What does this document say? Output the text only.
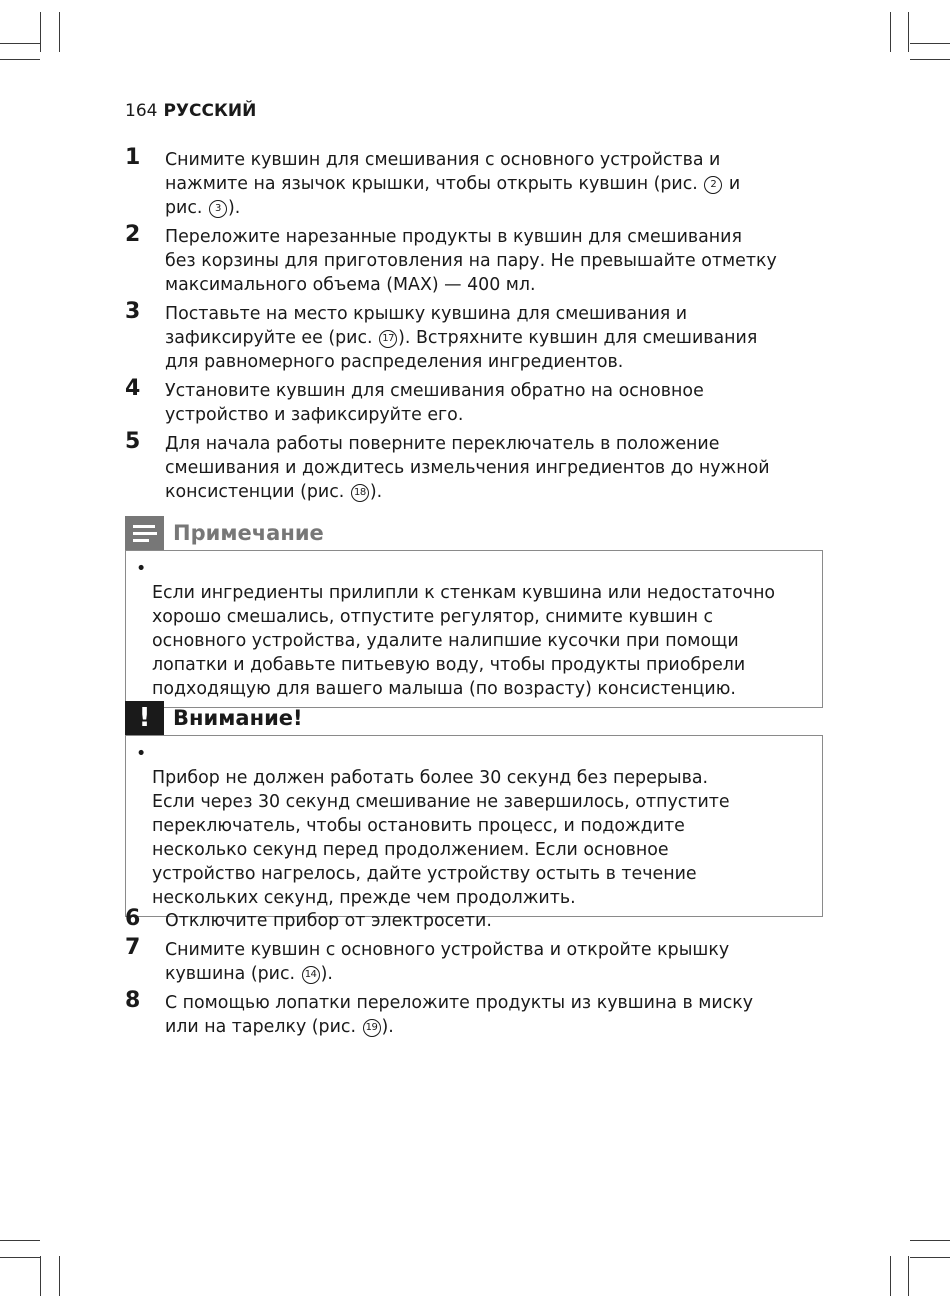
164 РУССКИЙ
1 Снимите кувшин для смешивания с основного устройства и
нажмите на язычок крышки, чтобы открыть кувшин (рис. 2 и
рис. 3 ).
2 Переложите нарезанные продукты в кувшин для смешивания
без корзины для приготовления на пару. Не превышайте отметку
максимального объема (MAX) — 400 мл.
3 Поставьте на место крышку кувшина для смешивания и
зафиксируйте ее (рис. 17 ). Встряхните кувшин для смешивания
для равномерного распределения ингредиентов.
4 Установите кувшин для смешивания обратно на основное
устройство и зафиксируйте его.
5 Для начала работы поверните переключатель в положение
смешивания и дождитесь измельчения ингредиентов до нужной
консистенции (рис. 18 ).
Примечание

•
Если ингредиенты прилипли к стенкам кувшина или недостаточно
хорошо смешались, отпустите регулятор, снимите кувшин с
основного устройства, удалите налипшие кусочки при помощи
лопатки и добавьте питьевую воду, чтобы продукты приобрели
подходящую для вашего малыша (по возрасту) консистенцию.

! Внимание!

•
Прибор не должен работать более 30 секунд без перерыва.
Если через 30 секунд смешивание не завершилось, отпустите
переключатель, чтобы остановить процесс, и подождите
несколько секунд перед продолжением. Если основное
устройство нагрелось, дайте устройству остыть в течение
нескольких секунд, прежде чем продолжить.

6 Отключите прибор от электросети.
7 Снимите кувшин с основного устройства и откройте крышку
кувшина (рис. 14 ).
8 С помощью лопатки переложите продукты из кувшина в миску
или на тарелку (рис. 19 ).
